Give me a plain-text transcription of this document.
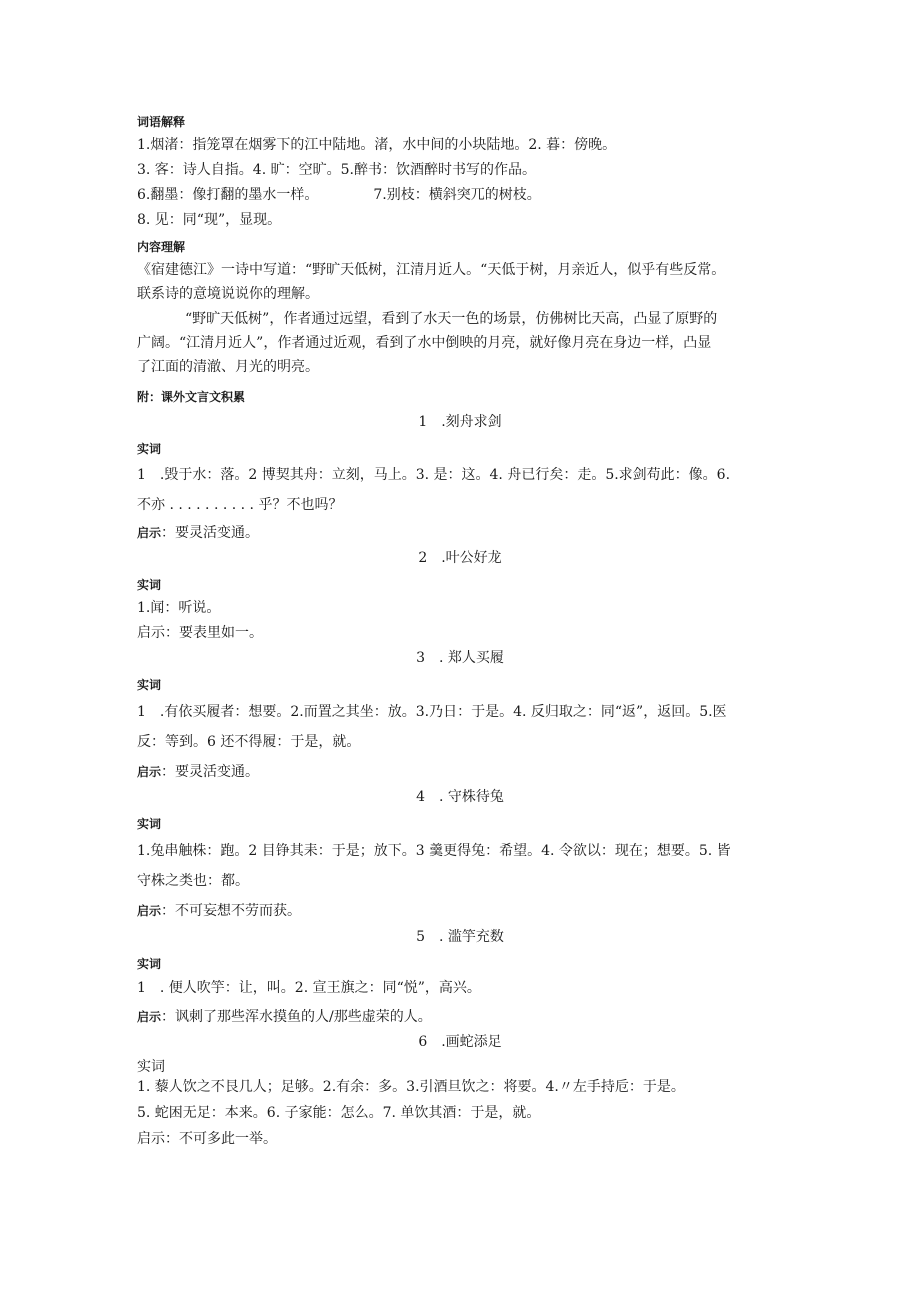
词语解释
1.烟渚：指笼罩在烟雾下的江中陆地。渚，水中间的小块陆地。2. 暮：傍晚。
3. 客：诗人自指。4. 旷：空旷。5.醉书：饮酒醉时书写的作品。
6.翻墨：像打翻的墨水一样。	7.别枝：横斜突兀的树枝。
8. 见：同“现”，显现。
内容理解
《宿建德江》一诗中写道：“野旷天低树，江清月近人。“天低于树，月亲近人，似乎有些反常。
联系诗的意境说说你的理解。
“野旷天低树”，作者通过远望，看到了水天一色的场景，仿佛树比天高，凸显了原野的
广阔。“江清月近人”，作者通过近观，看到了水中倒映的月亮，就好像月亮在身边一样，凸显
了江面的清澈、月光的明亮。
附：课外文言文积累
1　.刻舟求剑
实词
1　.毁于水：落。2 博契其舟：立刻，马上。3. 是：这。4. 舟已行矣：走。5.求剑苟此：像。6.
不亦 . . . . . . . . . . 乎？不也吗？
启示：要灵活变通。
2　.叶公好龙
实词
1.闻：听说。
启示：要表里如一。
3　. 郑人买履
实词
1　.有依买履者：想要。2.而置之其坐：放。3.乃日：于是。4. 反归取之：同“返”，返回。5.医
反：等到。6 还不得履：于是，就。
启示：要灵活变通。
4　. 守株待兔
实词
1.兔串触株：跑。2 目铮其耒：于是；放下。3 羹更得兔：希望。4. 令欲以：现在；想要。5. 皆
守株之类也：都。
启示：不可妄想不劳而获。
5　. 滥竽充数
实词
1　. 便人吹竽：让，叫。2. 宣王旗之：同“悦”，高兴。
启示：讽刺了那些浑水摸鱼的人/那些虚荣的人。
6　.画蛇添足
实词
1. 藜人饮之不艮几人；足够。2.有余：多。3.引酒旦饮之：将要。4.〃左手持卮：于是。
5. 蛇困无足：本来。6. 子家能：怎么。7. 单饮其酒：于是，就。
启示：不可多此一举。
